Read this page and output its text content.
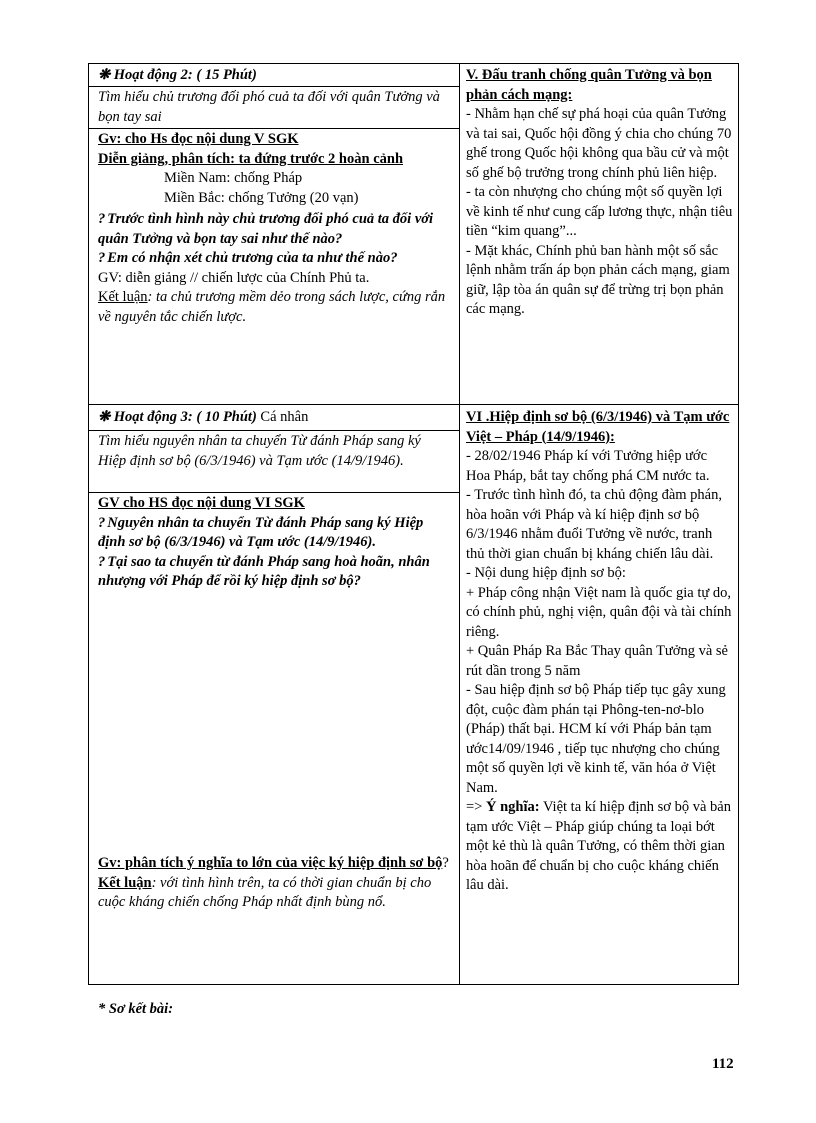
❋ Hoạt động 2: ( 15 Phút)
Tìm hiểu chủ trương đối phó cuả ta đối với quân Tưởng và bọn tay sai

Gv: cho Hs đọc nội dung V SGK

Diễn giảng, phân tích: ta đứng trước 2 hoàn cảnh

Miền Nam: chống Pháp

Miền Bắc: chống Tưởng (20 vạn)

? Trước tình hình này chủ trương đối phó cuả ta đối với quân Tưởng và bọn tay sai như thế nào?

? Em có nhận xét chủ trương của ta như thế nào?

GV: diễn giảng // chiến lược của Chính Phủ ta.

Kết luận: ta chủ trương mềm dẻo trong sách lược, cứng rắn về nguyên tắc chiến lược.

❋ Hoạt động 3: ( 10 Phút) Cá nhân
Tìm hiểu nguyên nhân ta chuyển Từ đánh Pháp sang ký Hiệp định sơ bộ (6/3/1946) và Tạm ước (14/9/1946).

GV cho HS đọc nội dung VI SGK

? Nguyên nhân ta chuyển Từ đánh Pháp sang ký Hiệp định sơ bộ (6/3/1946) và Tạm ước (14/9/1946).

? Tại sao ta chuyển từ đánh Pháp sang hoà hoãn, nhân nhượng với Pháp để rồi ký hiệp định sơ bộ?

Gv: phân tích ý nghĩa to lớn của việc ký hiệp định sơ bộ?

Kết luận: với tình hình trên, ta có thời gian chuẩn bị cho cuộc kháng chiến chống Pháp nhất định bùng nổ.

V. Đấu tranh chống quân Tưởng và bọn phản cách mạng:

- Nhằm hạn chế sự phá hoại của quân Tưởng và tai sai, Quốc hội đồng ý chia cho chúng 70 ghế trong Quốc hội không qua bầu cử và một số ghế bộ trưởng trong chính phủ liên hiệp.

- ta còn nhượng cho chúng một số quyền lợi về kinh tế như cung cấp lương thực, nhận tiêu tiền “kim quang”...

- Mặt khác, Chính phủ ban hành một số sắc lệnh nhằm trấn áp bọn phản cách mạng, giam giữ, lập tòa án quân sự để trừng trị bọn phản các mạng.

VI .Hiệp định sơ bộ (6/3/1946) và Tạm ước Việt – Pháp (14/9/1946):

- 28/02/1946 Pháp kí với Tưởng hiệp ước Hoa Pháp, bắt tay chống phá CM nước ta.

- Trước tình hình đó, ta chủ động đàm phán, hòa hoãn với Pháp và kí hiệp định sơ bộ 6/3/1946 nhằm đuổi Tưởng về nước, tranh thủ thời gian chuẩn bị kháng chiến lâu dài.

- Nội dung hiệp định sơ bộ:

+ Pháp công nhận Việt nam là quốc gia tự do, có chính phủ, nghị viện, quân đội và tài chính riêng.

+ Quân Pháp Ra Bắc Thay quân Tưởng và sẻ rút dần trong 5 năm

- Sau hiệp định sơ bộ Pháp tiếp tục gây xung đột, cuộc đàm phán tại Phông-ten-nơ-blo (Pháp) thất bại. HCM kí với Pháp bản tạm ước14/09/1946 , tiếp tục nhượng cho chúng một số quyền lợi về kinh tế, văn hóa ở Việt Nam.

=> Ý nghĩa: Việt ta kí hiệp định sơ bộ và bản tạm ước Việt – Pháp giúp chúng ta loại bớt một kẻ thù là quân Tưởng, có thêm thời gian hòa hoãn để chuẩn bị cho cuộc kháng chiến lâu dài.

* Sơ kết bài:
112
